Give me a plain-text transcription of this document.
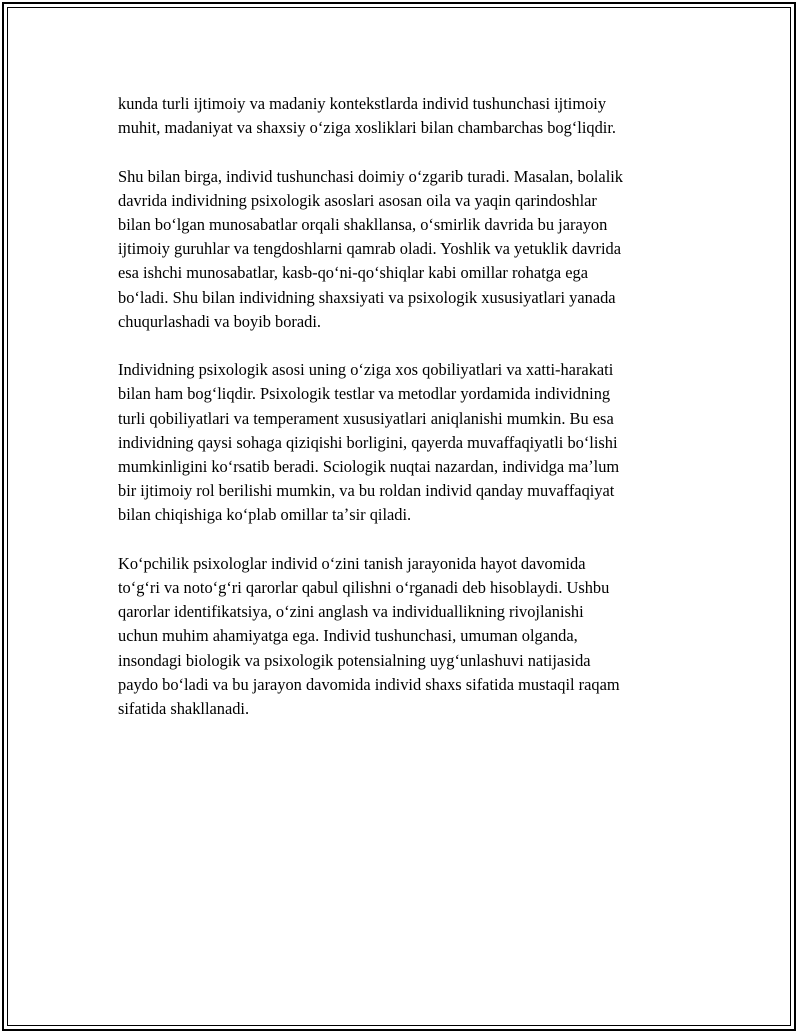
kunda turli ijtimoiy va madaniy kontekstlarda individ tushunchasi ijtimoiy
muhit, madaniyat va shaxsiy oʻziga xosliklari bilan chambarchas bogʻliqdir.

Shu bilan birga, individ tushunchasi doimiy oʻzgarib turadi. Masalan, bolalik
davrida individning psixologik asoslari asosan oila va yaqin qarindoshlar
bilan boʻlgan munosabatlar orqali shakllansa, oʻsmirlik davrida bu jarayon
ijtimoiy guruhlar va tengdoshlarni qamrab oladi. Yoshlik va yetuklik davrida
esa ishchi munosabatlar, kasb-qoʻni-qoʻshiqlar kabi omillar rohatga ega
boʻladi. Shu bilan individning shaxsiyati va psixologik xususiyatlari yanada
chuqurlashadi va boyib boradi.

Individning psixologik asosi uning oʻziga xos qobiliyatlari va xatti-harakati
bilan ham bogʻliqdir. Psixologik testlar va metodlar yordamida individning
turli qobiliyatlari va temperament xususiyatlari aniqlanishi mumkin. Bu esa
individning qaysi sohaga qiziqishi borligini, qayerda muvaffaqiyatli boʻlishi
mumkinligini koʻrsatib beradi. Sciologik nuqtai nazardan, individga maʼlum
bir ijtimoiy rol berilishi mumkin, va bu roldan individ qanday muvaffaqiyat
bilan chiqishiga koʻplab omillar taʼsir qiladi.

Koʻpchilik psixologlar individ oʻzini tanish jarayonida hayot davomida
toʻgʻri va notoʻgʻri qarorlar qabul qilishni oʻrganadi deb hisoblaydi. Ushbu
qarorlar identifikatsiya, oʻzini anglash va individuallikning rivojlanishi
uchun muhim ahamiyatga ega. Individ tushunchasi, umuman olganda,
insondagi biologik va psixologik potensialning uygʻunlashuvi natijasida
paydo boʻladi va bu jarayon davomida individ shaxs sifatida mustaqil raqam
sifatida shakllanadi.
